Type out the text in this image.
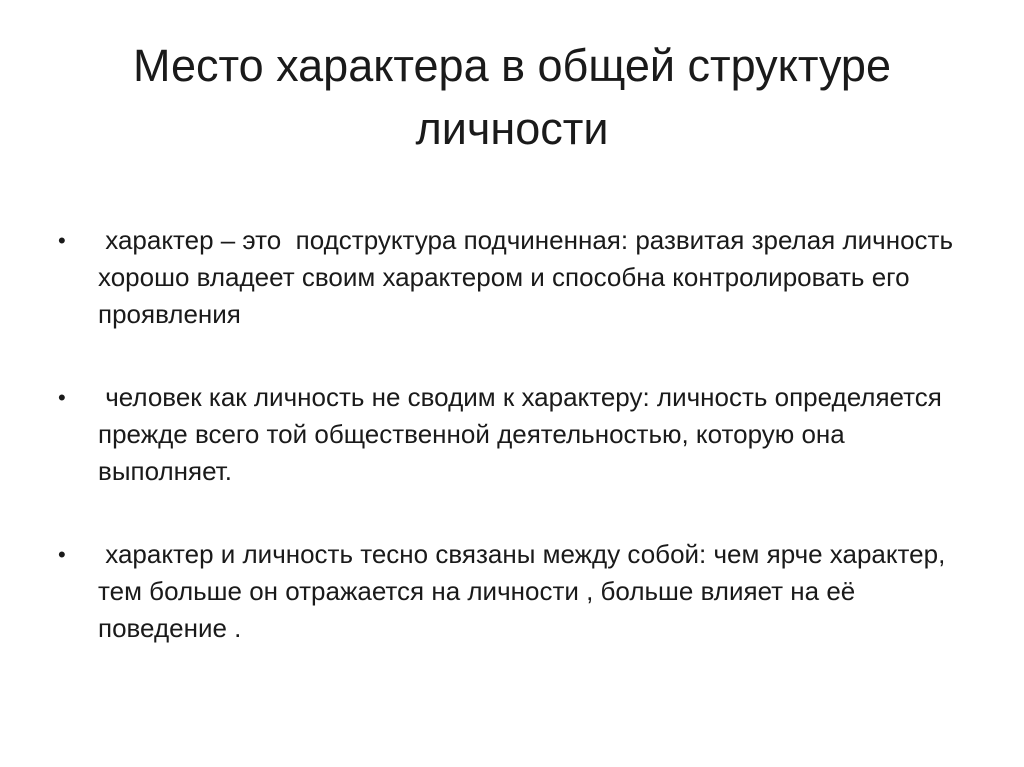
Место характера в общей структуре личности
• характер – это  подструктура подчиненная: развитая зрелая личность хорошо владеет своим характером и способна контролировать его проявления
• человек как личность не сводим к характеру: личность определяется прежде всего той общественной деятельностью, которую она выполняет.
• характер и личность тесно связаны между собой: чем ярче характер, тем больше он отражается на личности , больше влияет на её поведение .
